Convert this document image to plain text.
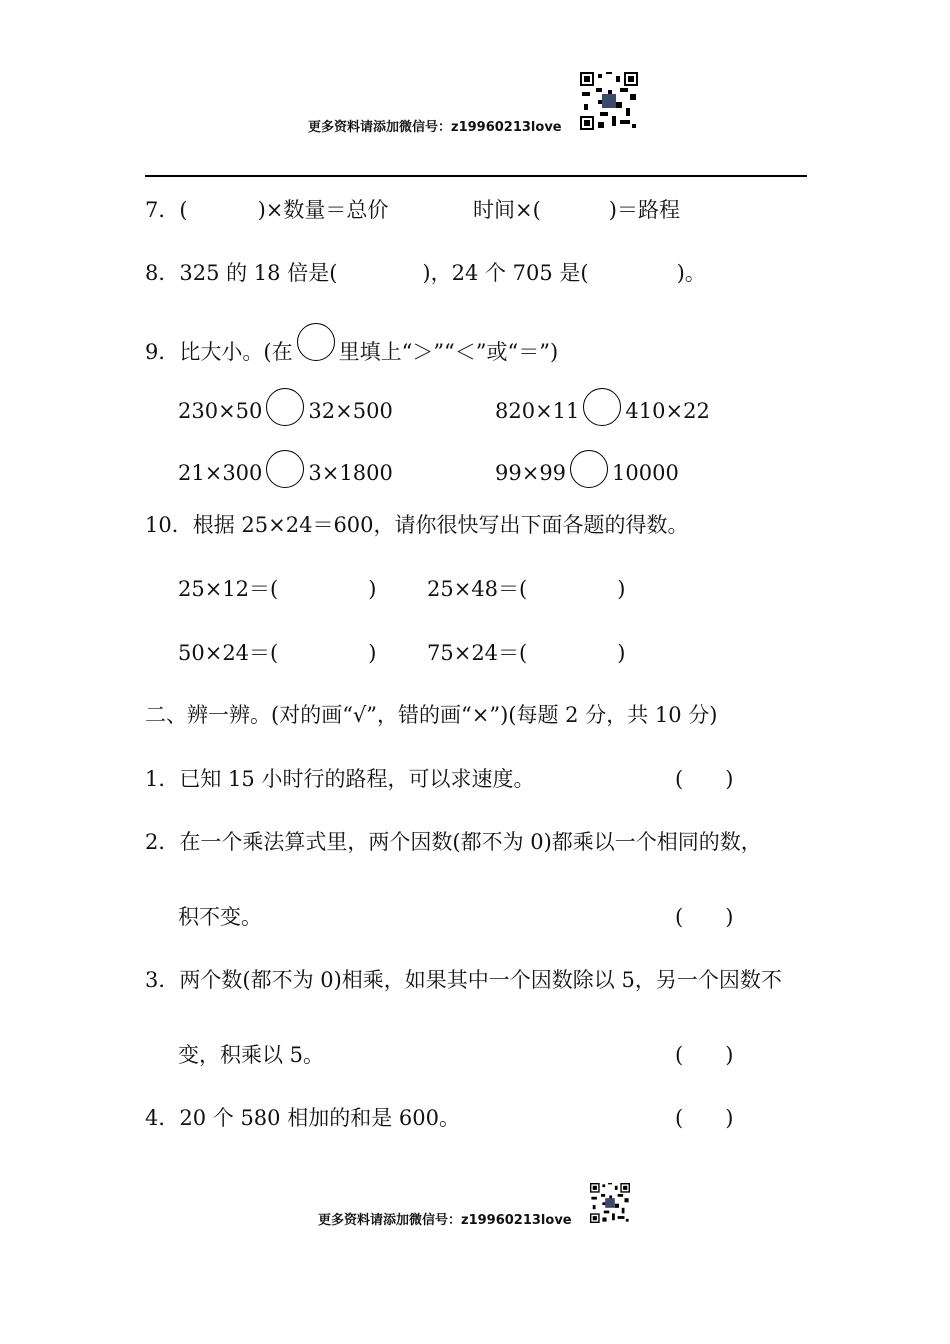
更多资料请添加微信号：z19960213love
7．(	)×数量＝总价	时间×(	)＝路程
8．325 的 18 倍是(	)，24 个 705 是(	)。
9．比大小。(在 里填上“＞”“＜”或“＝”)
230×50 32×500	820×11 410×22
21×300 3×1800	99×99 10000
10．根据 25×24＝600，请你很快写出下面各题的得数。
25×12＝(	) 25×48＝(	)
50×24＝(	) 75×24＝(	)
二、辨一辨。(对的画“√”，错的画“×”)(每题 2 分，共 10 分)
1．已知 15 小时行的路程，可以求速度。	(　　)
2．在一个乘法算式里，两个因数(都不为 0)都乘以一个相同的数，
积不变。	(　　)
3．两个数(都不为 0)相乘，如果其中一个因数除以 5，另一个因数不
变，积乘以 5。	(　　)
4．20 个 580 相加的和是 600。	(　　)
更多资料请添加微信号：z19960213love
